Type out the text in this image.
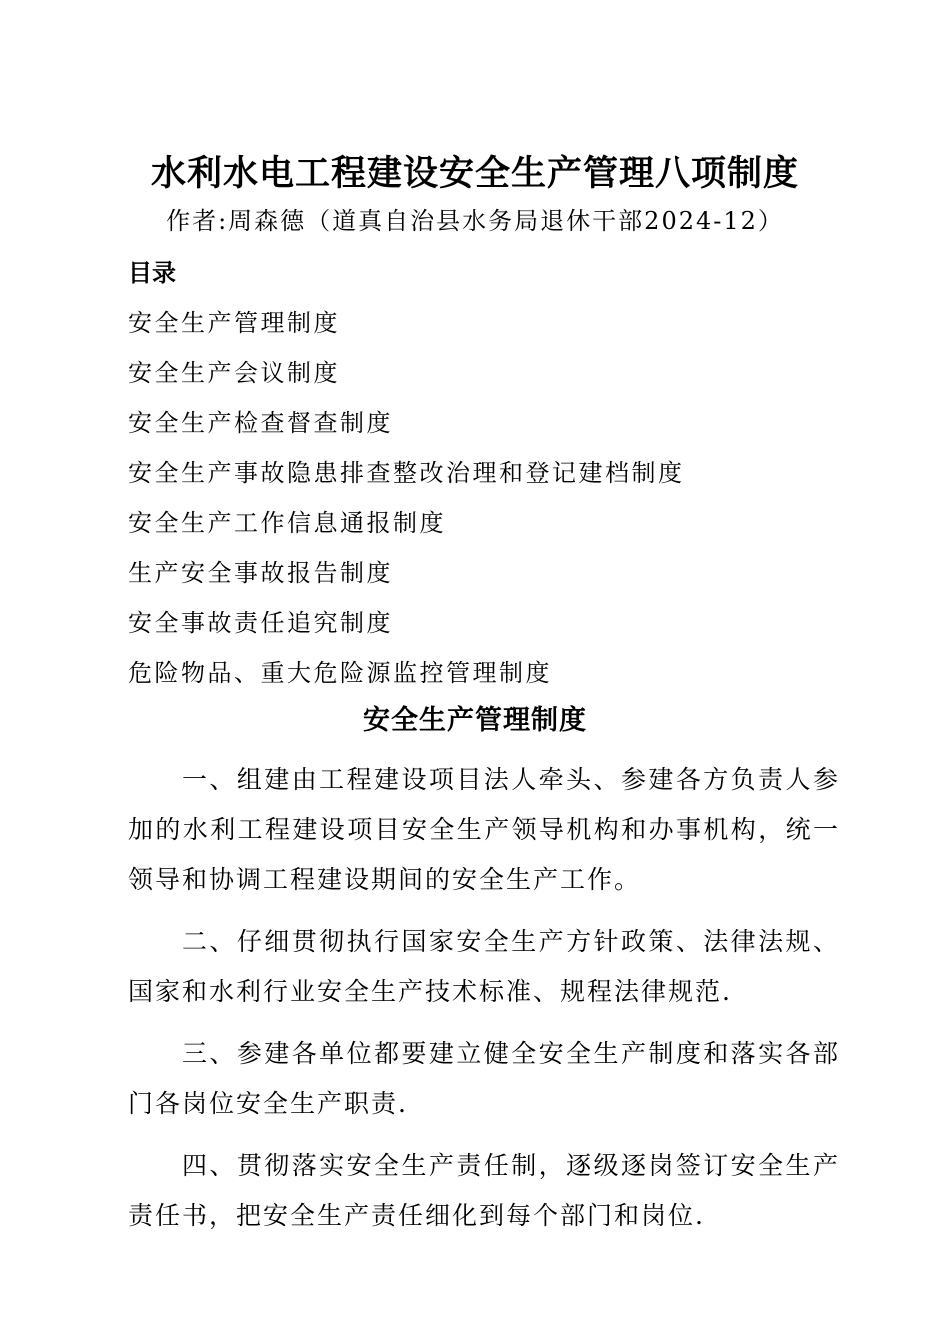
水利水电工程建设安全生产管理八项制度
作者:周森德（道真自治县水务局退休干部2024-12）
目录
安全生产管理制度
安全生产会议制度
安全生产检查督查制度
安全生产事故隐患排查整改治理和登记建档制度
安全生产工作信息通报制度
生产安全事故报告制度
安全事故责任追究制度
危险物品、重大危险源监控管理制度
安全生产管理制度

一、组建由工程建设项目法人牵头、参建各方负责人参加的水利工程建设项目安全生产领导机构和办事机构，统一领导和协调工程建设期间的安全生产工作。

二、仔细贯彻执行国家安全生产方针政策、法律法规、国家和水利行业安全生产技术标准、规程法律规范.

三、参建各单位都要建立健全安全生产制度和落实各部门各岗位安全生产职责.

四、贯彻落实安全生产责任制，逐级逐岗签订安全生产责任书，把安全生产责任细化到每个部门和岗位.
